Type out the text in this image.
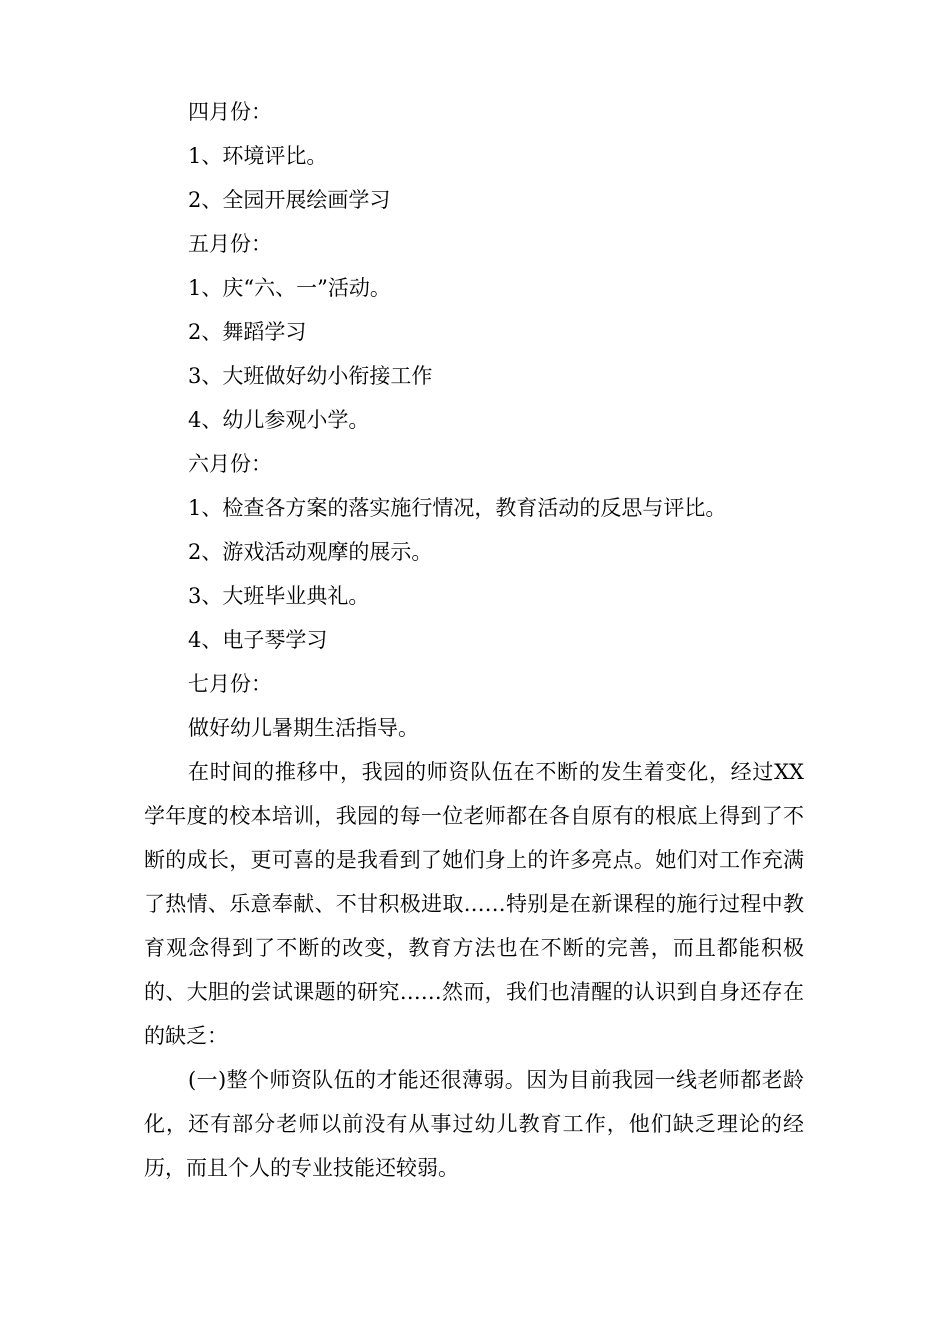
四月份：

1、环境评比。

2、全园开展绘画学习

五月份：

1、庆“六、一”活动。

2、舞蹈学习

3、大班做好幼小衔接工作

4、幼儿参观小学。

六月份：

1、检查各方案的落实施行情况，教育活动的反思与评比。

2、游戏活动观摩的展示。

3、大班毕业典礼。

4、电子琴学习

七月份：

做好幼儿暑期生活指导。

在时间的推移中，我园的师资队伍在不断的发生着变化，经过XX学年度的校本培训，我园的每一位老师都在各自原有的根底上得到了不断的成长，更可喜的是我看到了她们身上的许多亮点。她们对工作充满了热情、乐意奉献、不甘积极进取……特别是在新课程的施行过程中教育观念得到了不断的改变，教育方法也在不断的完善，而且都能积极的、大胆的尝试课题的研究……然而，我们也清醒的认识到自身还存在的缺乏：

(一)整个师资队伍的才能还很薄弱。因为目前我园一线老师都老龄化，还有部分老师以前没有从事过幼儿教育工作，他们缺乏理论的经历，而且个人的专业技能还较弱。
